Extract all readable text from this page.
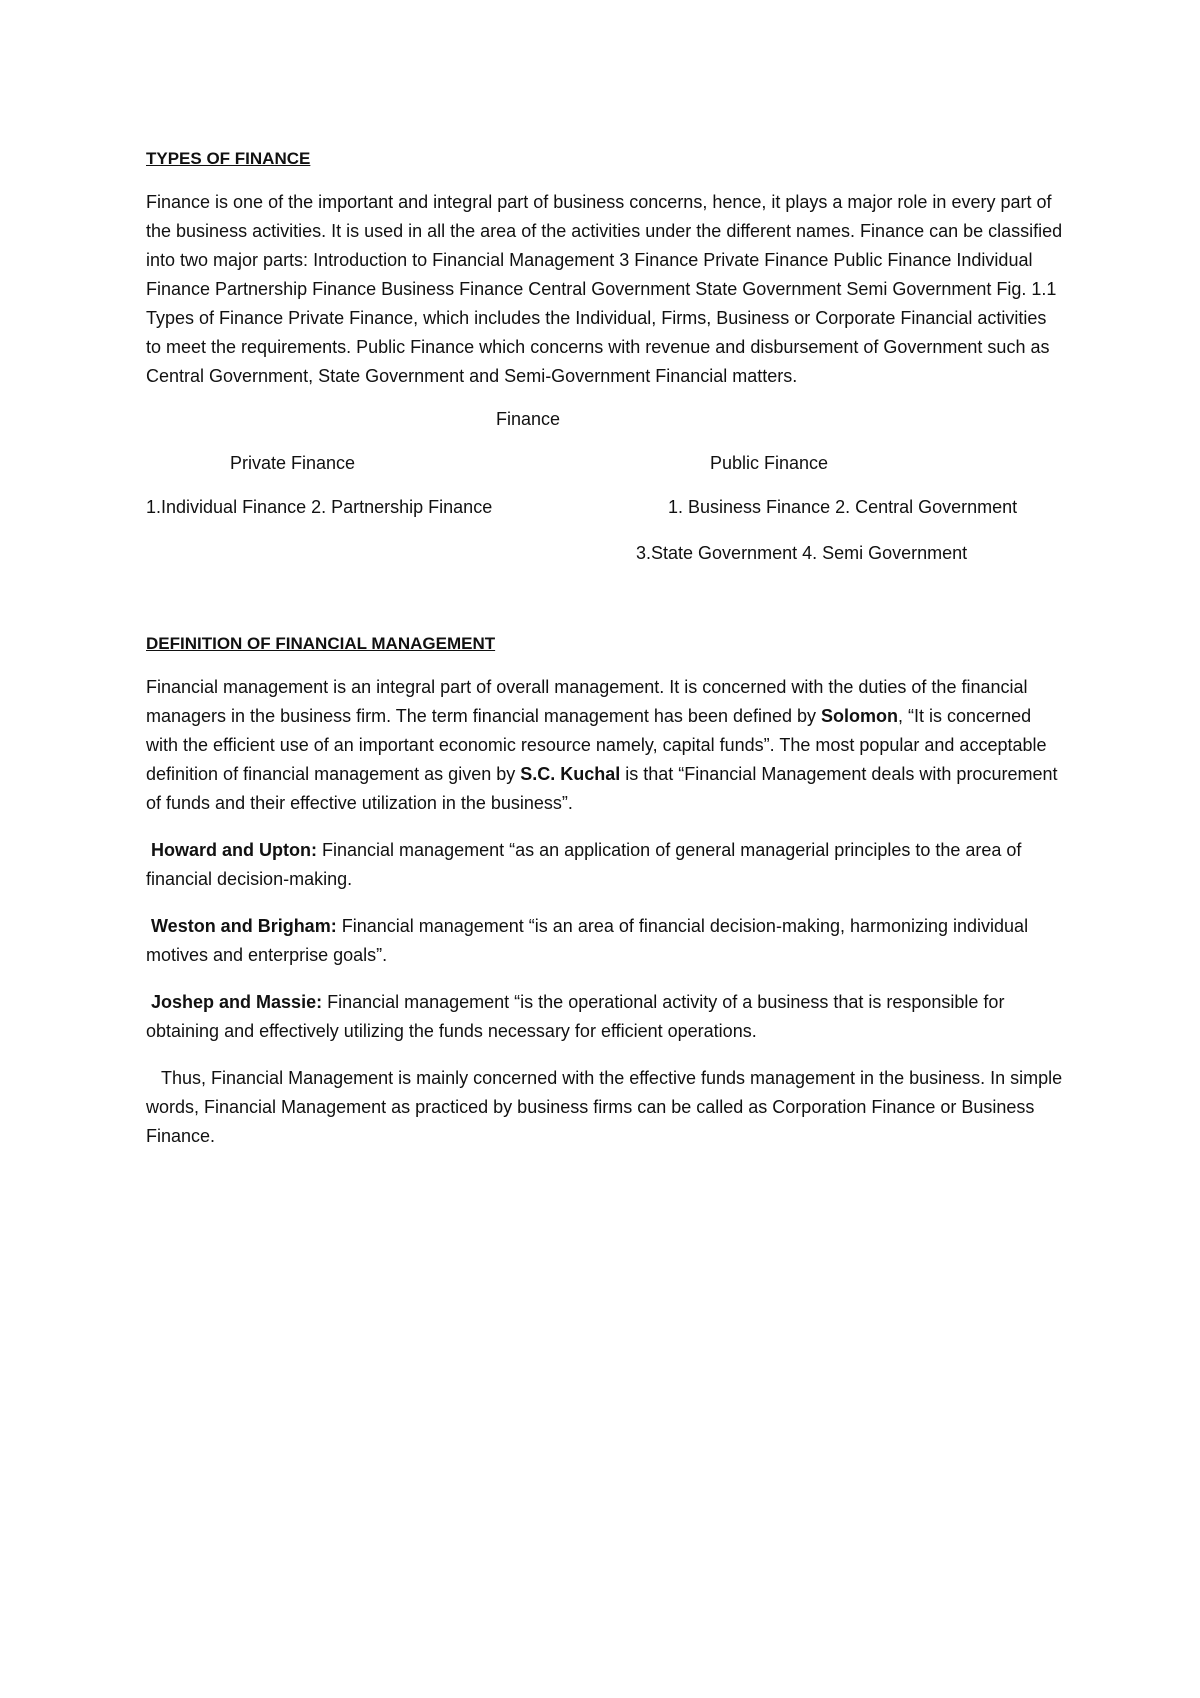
TYPES OF FINANCE

Finance is one of the important and integral part of business concerns, hence, it plays a major role in every part of the business activities. It is used in all the area of the activities under the different names. Finance can be classified into two major parts: Introduction to Financial Management 3 Finance Private Finance Public Finance Individual Finance Partnership Finance Business Finance Central Government State Government Semi Government Fig. 1.1 Types of Finance Private Finance, which includes the Individual, Firms, Business or Corporate Financial activities to meet the requirements. Public Finance which concerns with revenue and disbursement of Government such as Central Government, State Government and Semi-Government Financial matters.

Finance
Private Finance	Public Finance
1.Individual Finance 2. Partnership Finance	1. Business Finance 2. Central Government
3.State Government 4. Semi Government
DEFINITION OF FINANCIAL MANAGEMENT

Financial management is an integral part of overall management. It is concerned with the duties of the financial managers in the business firm. The term financial management has been defined by Solomon, “It is concerned with the efficient use of an important economic resource namely, capital funds”. The most popular and acceptable definition of financial management as given by S.C. Kuchal is that “Financial Management deals with procurement of funds and their effective utilization in the business”.

Howard and Upton: Financial management “as an application of general managerial principles to the area of financial decision-making.

Weston and Brigham: Financial management “is an area of financial decision-making, harmonizing individual motives and enterprise goals”.

Joshep and Massie: Financial management “is the operational activity of a business that is responsible for obtaining and effectively utilizing the funds necessary for efficient operations.

Thus, Financial Management is mainly concerned with the effective funds management in the business. In simple words, Financial Management as practiced by business firms can be called as Corporation Finance or Business Finance.
